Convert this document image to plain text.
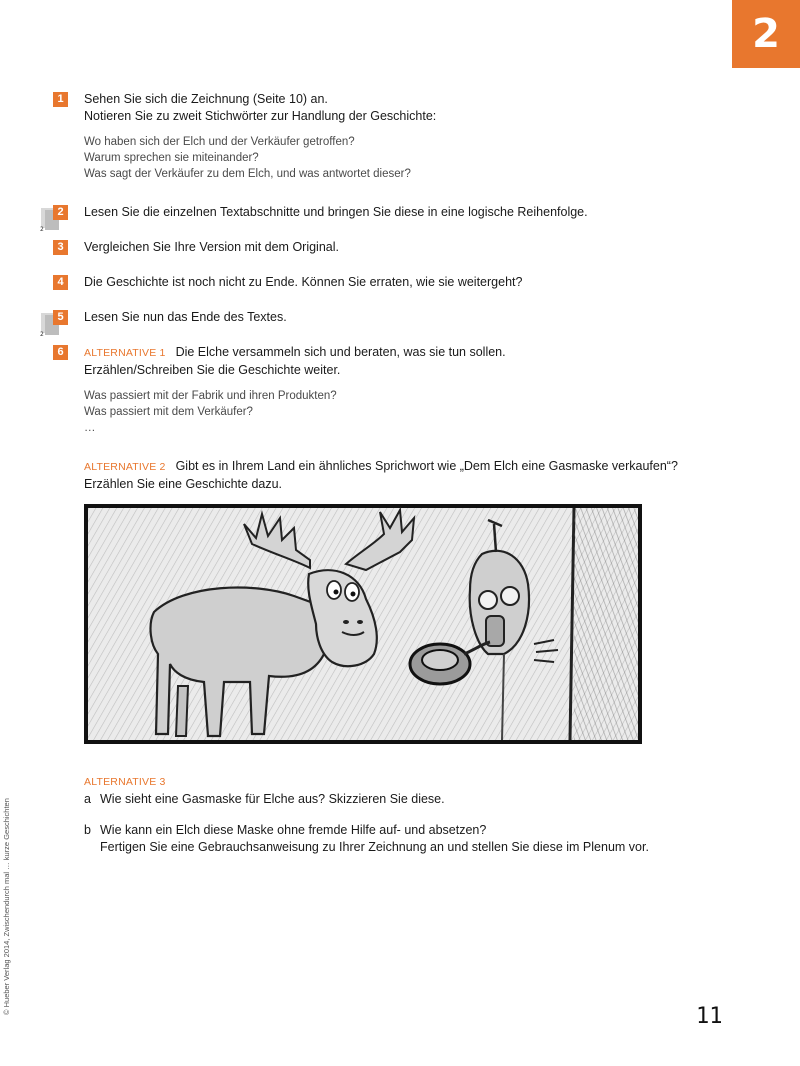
2
1	Sehen Sie sich die Zeichnung (Seite 10) an.
Notieren Sie zu zweit Stichwörter zur Handlung der Geschichte:
Wo haben sich der Elch und der Verkäufer getroffen?
Warum sprechen sie miteinander?
Was sagt der Verkäufer zu dem Elch, und was antwortet dieser?
2
2	Lesen Sie die einzelnen Textabschnitte und bringen Sie diese in eine logische Reihenfolge.
3	Vergleichen Sie Ihre Version mit dem Original.
4	Die Geschichte ist noch nicht zu Ende. Können Sie erraten, wie sie weitergeht?
2
5	Lesen Sie nun das Ende des Textes.
6	ALTERNATIVE 1 Die Elche versammeln sich und beraten, was sie tun sollen.
Erzählen/Schreiben Sie die Geschichte weiter.
Was passiert mit der Fabrik und ihren Produkten?
Was passiert mit dem Verkäufer?
…
ALTERNATIVE 2 Gibt es in Ihrem Land ein ähnliches Sprichwort wie „Dem Elch eine Gasmaske verkaufen“?
Erzählen Sie eine Geschichte dazu.
ALTERNATIVE 3
a Wie sieht eine Gasmaske für Elche aus? Skizzieren Sie diese.
b Wie kann ein Elch diese Maske ohne fremde Hilfe auf- und absetzen?
Fertigen Sie eine Gebrauchsanweisung zu Ihrer Zeichnung an und stellen Sie diese im Plenum vor.
© Hueber Verlag 2014, Zwischendurch mal … kurze Geschichten
11
